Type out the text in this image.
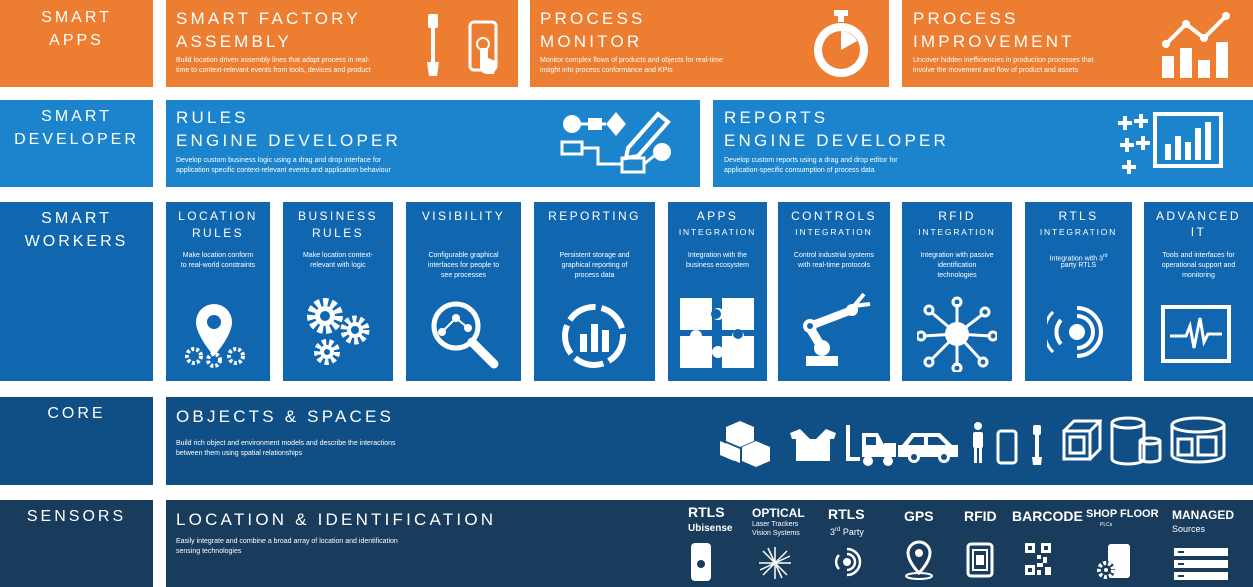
SMART
APPS
SMART FACTORY
ASSEMBLY
Build location driven assembly lines that adapt process in real-
time to context-relevant events from tools, devices and product
PROCESS
MONITOR
Monitor complex flows of products and objects for real-time
insight into process conformance and KPIs
PROCESS
IMPROVEMENT
Uncover hidden inefficiencies in production processes that
involve the movement and flow of product and assets
SMART
DEVELOPER
RULES
ENGINE DEVELOPER
Develop custom business logic using a drag and drop interface for
application specific context-relevant events and application behaviour
REPORTS
ENGINE DEVELOPER
Develop custom reports using a drag and drop editor for
application-specific consumption of process data
SMART
WORKERS
LOCATION
RULES
Make location conform
to real-world constraints
BUSINESS
RULES
Make location context-
relevant with logic
VISIBILITY
Configurable graphical
interfaces for people to
see processes
REPORTING
Persistent storage and
graphical reporting of
process data
APPS
INTEGRATION
Integration with the
business ecosystem
CONTROLS
INTEGRATION
Control industrial systems
with real-time protocols
RFID
INTEGRATION
Integration with passive
identification
technologies
RTLS
INTEGRATION
Integration with 3rd
party RTLS
ADVANCED
IT
Tools and interfaces for
operational support and
monitoring
CORE	OBJECTS & SPACES
Build rich object and environment models and describe the interactions
between them using spatial relationships
SENSORS	LOCATION & IDENTIFICATION
Easily integrate and combine a broad array of location and identification
sensing technologies
RTLS
Ubisense
OPTICAL
Laser Trackers
Vision Systems
RTLS
3rd Party
GPS RFID BARCODE SHOP FLOOR
PLCs
MANAGED
Sources
